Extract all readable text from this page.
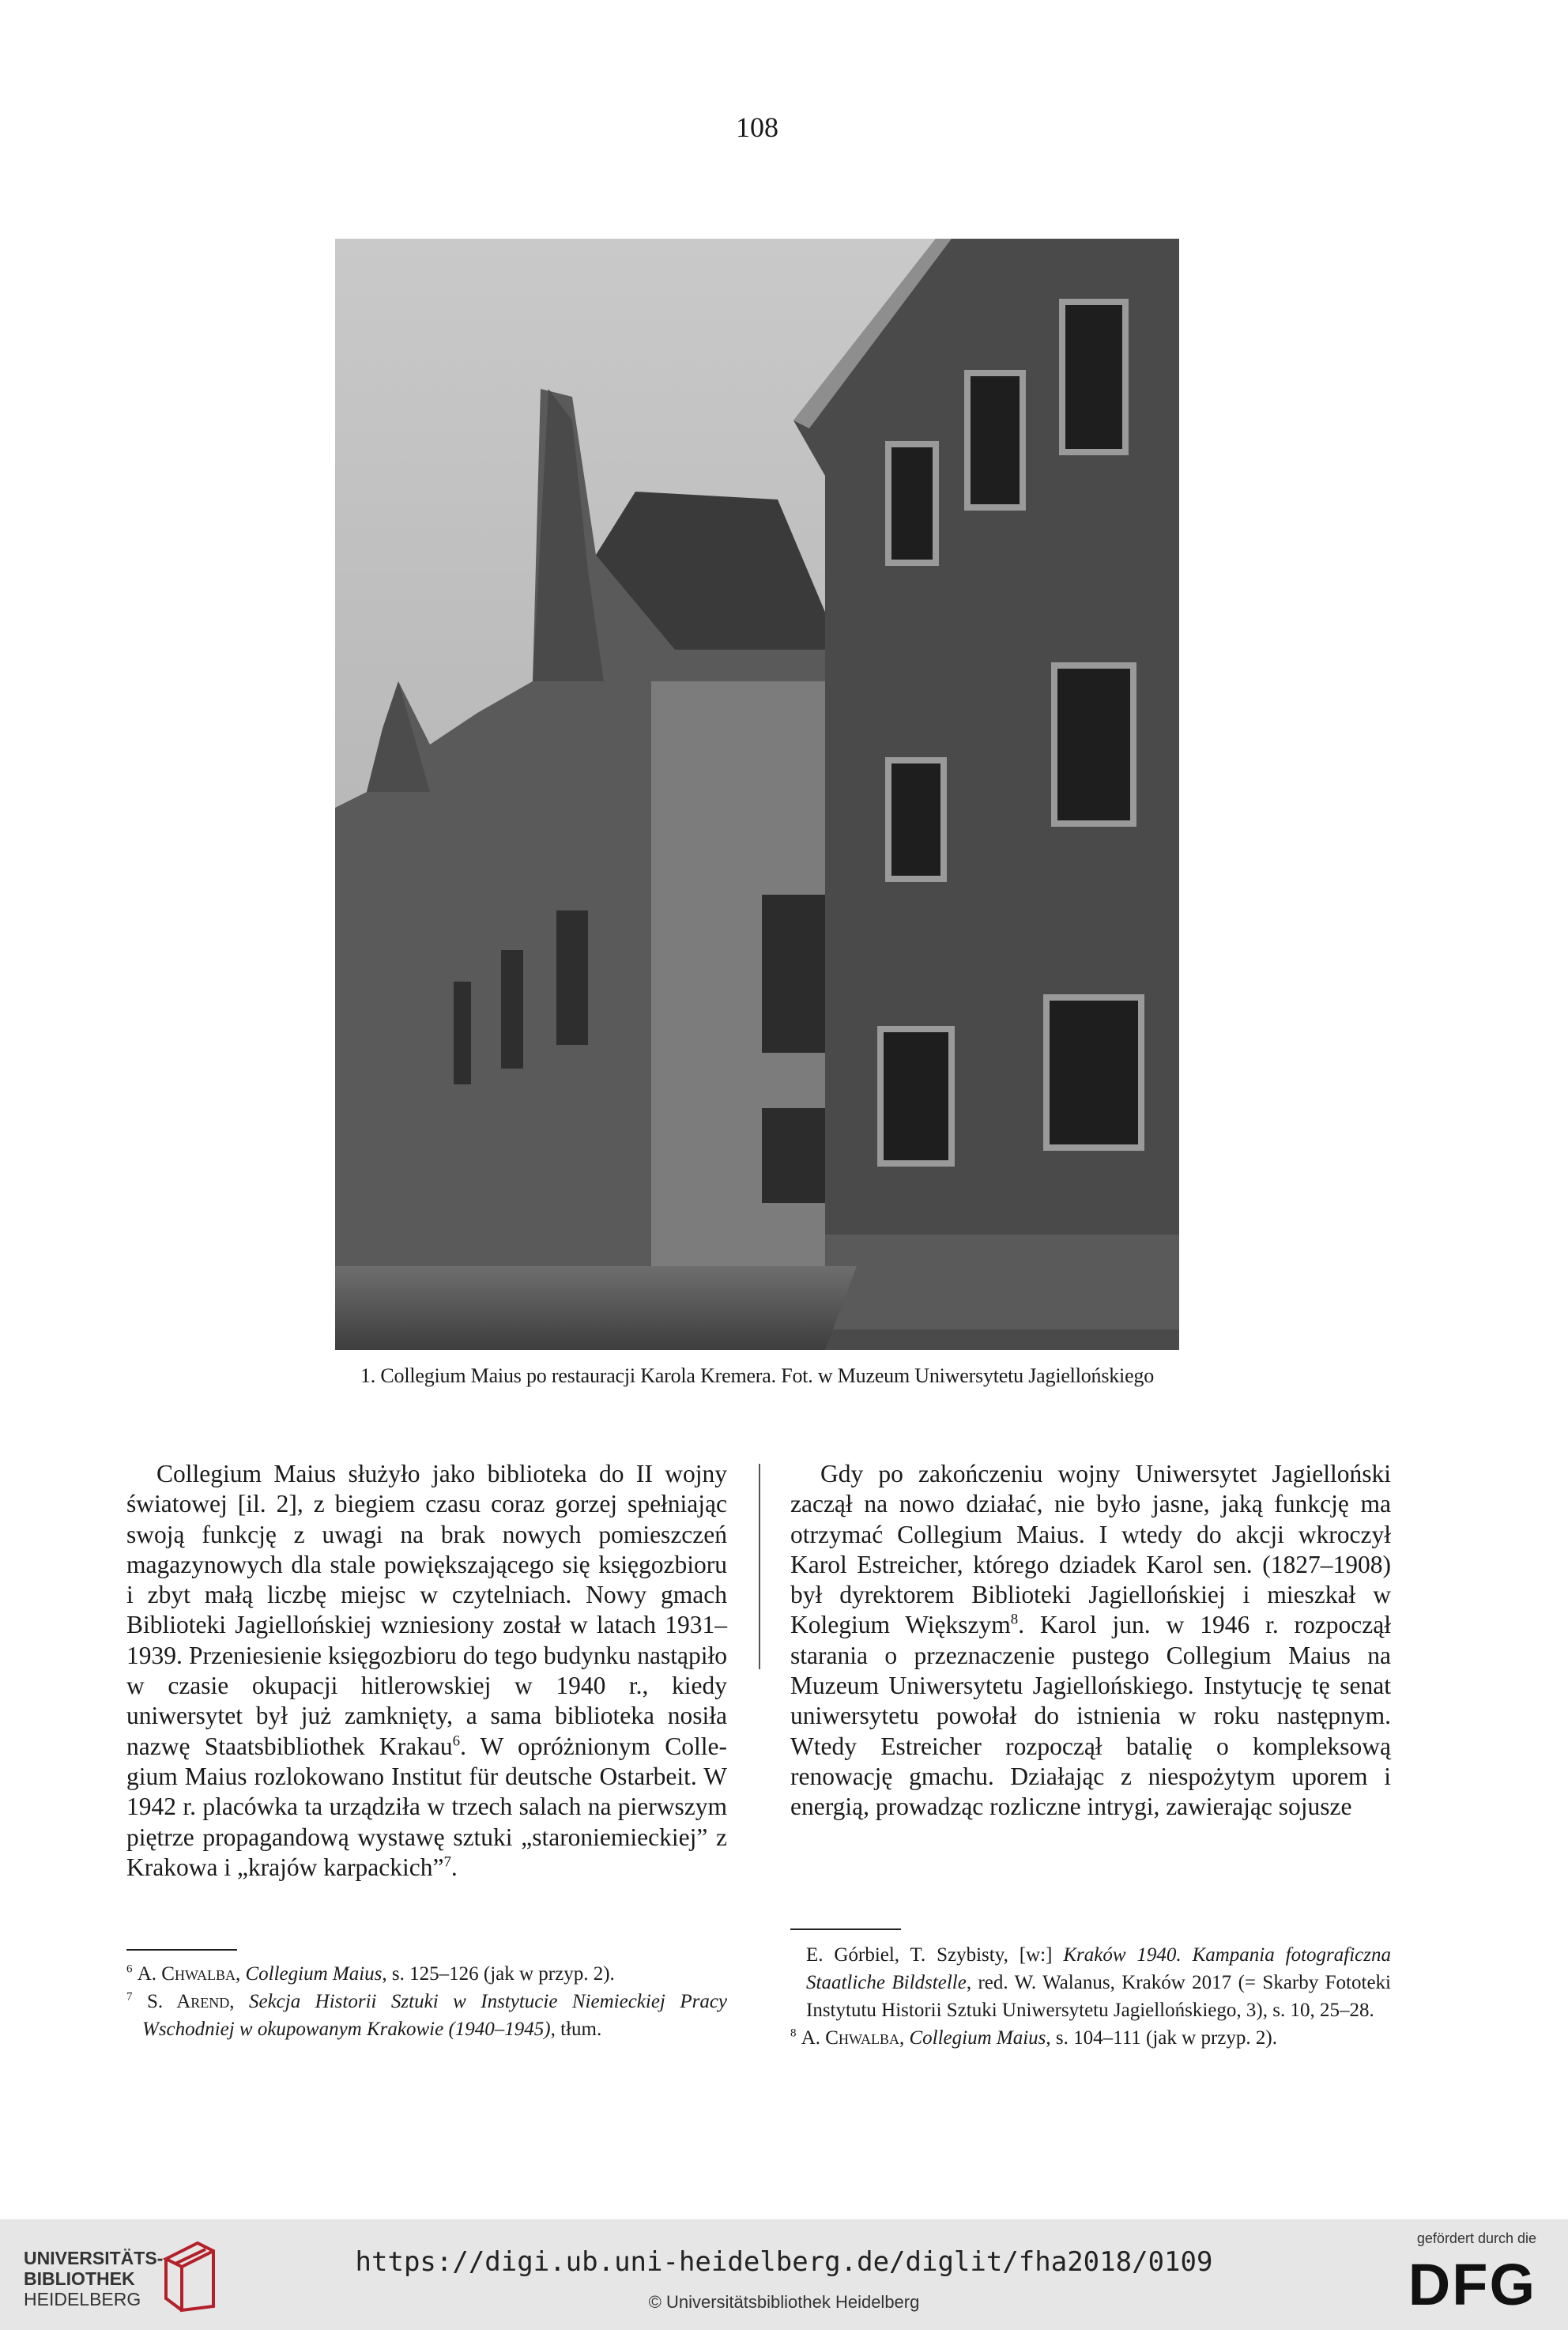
108
1. Collegium Maius po restauracji Karola Kremera. Fot. w Muzeum Uniwersytetu Jagiellońskiego

Collegium Maius służyło jako biblioteka do II wojny światowej [il. 2], z biegiem czasu coraz gorzej spełniając swoją funkcję z uwagi na brak nowych pomieszczeń magazynowych dla stale powiększającego się księgozbioru i zbyt małą liczbę miejsc w czytelniach. Nowy gmach Biblioteki Jagiellońskiej wzniesiony został w latach 1931–1939. Przeniesienie księgozbioru do tego budynku nastąpiło w czasie okupacji hitlerowskiej w 1940 r., kiedy uniwersytet był już zamknięty, a sama biblioteka nosiła nazwę Staatsbibliothek Krakau$^6$. W opróżnionym Collegium Maius rozlokowano Institut für deutsche Ostarbeit. W 1942 r. placówka ta urządziła w trzech salach na pierwszym piętrze propagandową wystawę sztuki „staroniemieckiej” z Krakowa i „krajów karpackich”$^7$.

Gdy po zakończeniu wojny Uniwersytet Jagielloński zaczął na nowo działać, nie było jasne, jaką funkcję ma otrzymać Collegium Maius. I wtedy do akcji wkroczył Karol Estreicher, którego dziadek Karol sen. (1827–1908) był dyrektorem Biblioteki Jagiellońskiej i mieszkał w Kolegium Większym$^8$. Karol jun. w 1946 r. rozpoczął starania o przeznaczenie pustego Collegium Maius na Muzeum Uniwersytetu Jagiellońskiego. Instytucję tę senat uniwersytetu powołał do istnienia w roku następnym. Wtedy Estreicher rozpoczął batalię o kompleksową renowację gmachu. Działając z niespożytym uporem i energią, prowadząc rozliczne intrygi, zawierając sojusze

$^6$ A. Chwalba, Collegium Maius, s. 125–126 (jak w przyp. 2).

$^7$ S. Arend, Sekcja Historii Sztuki w Instytucie Niemieckiej Pracy Wschodniej w okupowanym Krakowie (1940–1945), tłum.

E. Górbiel, T. Szybisty, [w:] Kraków 1940. Kampania fotograficzna Staatliche Bildstelle, red. W. Walanus, Kraków 2017 (= Skarby Fototeki Instytutu Historii Sztuki Uniwersytetu Jagiellońskiego, 3), s. 10, 25–28.

$^8$ A. Chwalba, Collegium Maius, s. 104–111 (jak w przyp. 2).

UNIVERSITÄTS-
BIBLIOTHEK
HEIDELBERG
https://digi.ub.uni-heidelberg.de/diglit/fha2018/0109
© Universitätsbibliothek Heidelberg
gefördert durch die
DFG
